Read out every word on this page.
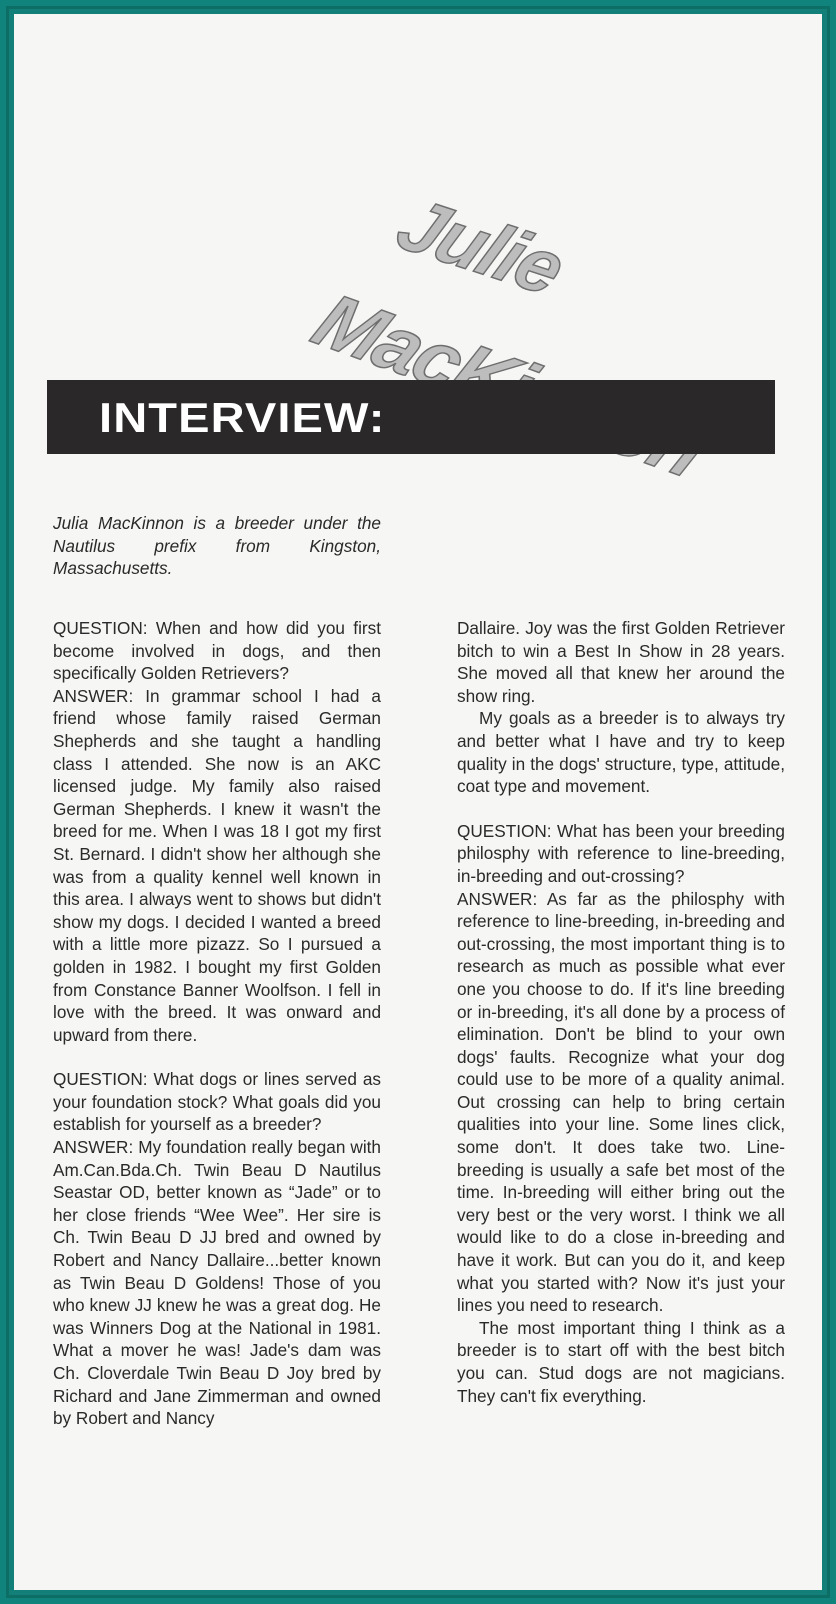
Julie
INTERVIEW:
Julia MacKinnon is a breeder under the Nautilus prefix from Kingston, Massachusetts.

QUESTION: When and how did you first become involved in dogs, and then specifically Golden Retrievers?

ANSWER: In grammar school I had a friend whose family raised German Shepherds and she taught a handling class I attended. She now is an AKC licensed judge. My family also raised German Shepherds. I knew it wasn't the breed for me. When I was 18 I got my first St. Bernard. I didn't show her although she was from a quality kennel well known in this area. I always went to shows but didn't show my dogs. I decided I wanted a breed with a little more pizazz. So I pursued a golden in 1982. I bought my first Golden from Constance Banner Woolfson. I fell in love with the breed. It was onward and upward from there.

QUESTION: What dogs or lines served as your foundation stock? What goals did you establish for yourself as a breeder?

ANSWER: My foundation really began with Am.Can.Bda.Ch. Twin Beau D Nautilus Seastar OD, better known as “Jade” or to her close friends “Wee Wee”. Her sire is Ch. Twin Beau D JJ bred and owned by Robert and Nancy Dallaire...better known as Twin Beau D Goldens! Those of you who knew JJ knew he was a great dog. He was Winners Dog at the National in 1981. What a mover he was! Jade's dam was Ch. Cloverdale Twin Beau D Joy bred by Richard and Jane Zimmerman and owned by Robert and Nancy

Dallaire. Joy was the first Golden Retriever bitch to win a Best In Show in 28 years. She moved all that knew her around the show ring.

My goals as a breeder is to always try and better what I have and try to keep quality in the dogs' structure, type, attitude, coat type and movement.

QUESTION: What has been your breeding philosphy with reference to line-breeding, in-breeding and out-crossing?

ANSWER: As far as the philosphy with reference to line-breeding, in-breeding and out-crossing, the most important thing is to research as much as possible what ever one you choose to do. If it's line breeding or in-breeding, it's all done by a process of elimination. Don't be blind to your own dogs' faults. Recognize what your dog could use to be more of a quality animal. Out crossing can help to bring certain qualities into your line. Some lines click, some don't. It does take two. Line-breeding is usually a safe bet most of the time. In-breeding will either bring out the very best or the very worst. I think we all would like to do a close in-breeding and have it work. But can you do it, and keep what you started with? Now it's just your lines you need to research.

The most important thing I think as a breeder is to start off with the best bitch you can. Stud dogs are not magicians. They can't fix everything.
